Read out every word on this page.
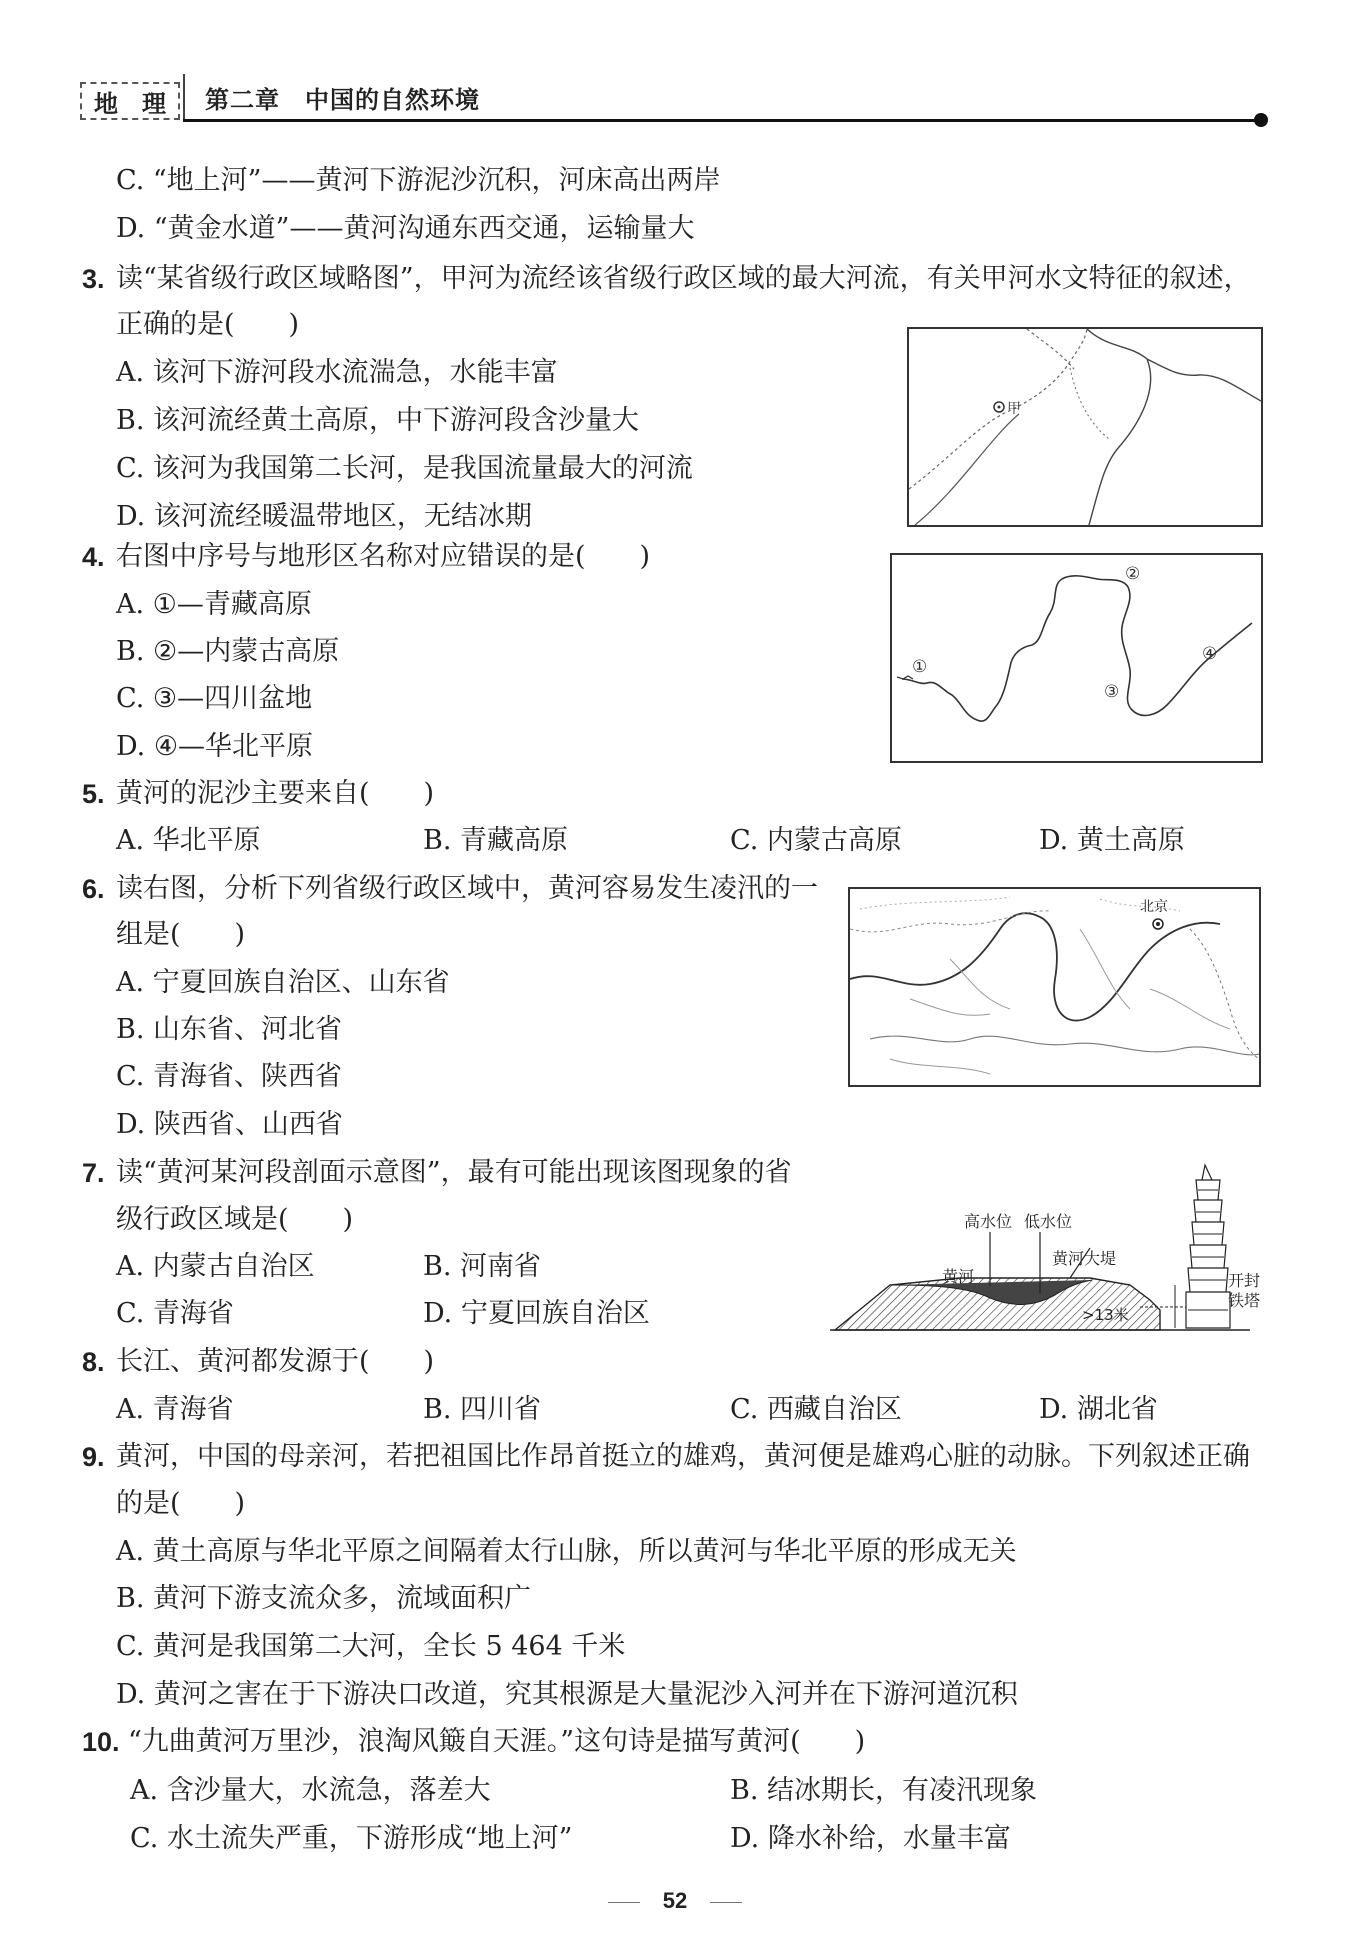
地 理 第二章　中国的自然环境
C. “地上河”——黄河下游泥沙沉积，河床高出两岸
D. “黄金水道”——黄河沟通东西交通，运输量大
3. 读“某省级行政区域略图”，甲河为流经该省级行政区域的最大河流，有关甲河水文特征的叙述，
正确的是(　　)
A. 该河下游河段水流湍急，水能丰富
B. 该河流经黄土高原，中下游河段含沙量大
C. 该河为我国第二长河，是我国流量最大的河流
D. 该河流经暖温带地区，无结冰期
甲
4. 右图中序号与地形区名称对应错误的是(　　)
A. ①—青藏高原
B. ②—内蒙古高原
C. ③—四川盆地
D. ④—华北平原
①
②
③
④
5. 黄河的泥沙主要来自(　　)
A. 华北平原	B. 青藏高原	C. 内蒙古高原	D. 黄土高原
6. 读右图，分析下列省级行政区域中，黄河容易发生凌汛的一
组是(　　)
A. 宁夏回族自治区、山东省
B. 山东省、河北省
C. 青海省、陕西省
D. 陕西省、山西省
北京
7. 读“黄河某河段剖面示意图”，最有可能出现该图现象的省
级行政区域是(　　)
A. 内蒙古自治区	B. 河南省
C. 青海省	D. 宁夏回族自治区
高水位 低水位
黄河
黄河大堤
>13米
开封
铁塔
8. 长江、黄河都发源于(　　)
A. 青海省	B. 四川省	C. 西藏自治区	D. 湖北省
9. 黄河，中国的母亲河，若把祖国比作昂首挺立的雄鸡，黄河便是雄鸡心脏的动脉。下列叙述正确
的是(　　)
A. 黄土高原与华北平原之间隔着太行山脉，所以黄河与华北平原的形成无关
B. 黄河下游支流众多，流域面积广
C. 黄河是我国第二大河，全长 5 464 千米
D. 黄河之害在于下游决口改道，究其根源是大量泥沙入河并在下游河道沉积
10. “九曲黄河万里沙，浪淘风簸自天涯。”这句诗是描写黄河(　　)
A. 含沙量大，水流急，落差大	B. 结冰期长，有凌汛现象
C. 水土流失严重，下游形成“地上河”	D. 降水补给，水量丰富
52
